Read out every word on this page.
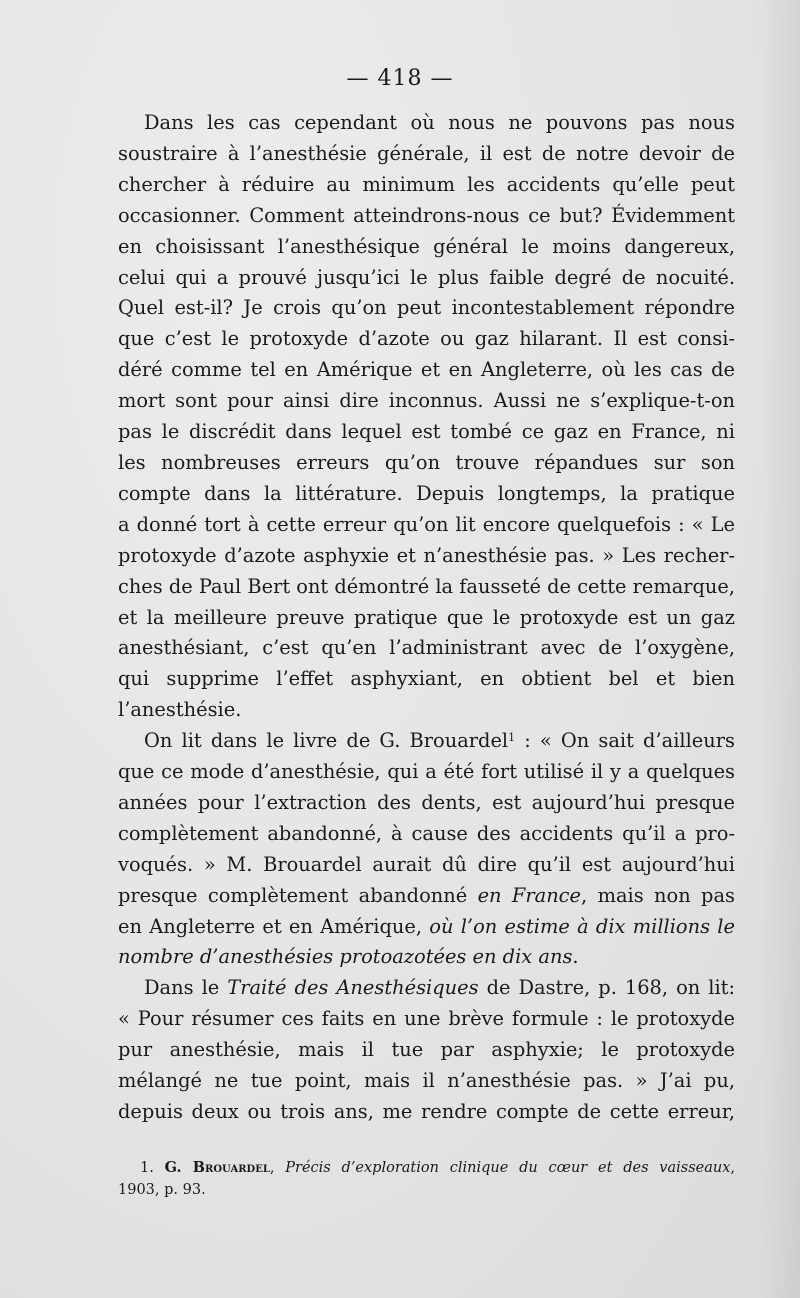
— 418 —

Dans les cas cependant où nous ne pouvons pas nous
soustraire à l’anesthésie générale, il est de notre devoir de
chercher à réduire au minimum les accidents qu’elle peut
occasionner. Comment atteindrons-nous ce but? Évidemment
en choisissant l’anesthésique général le moins dangereux,
celui qui a prouvé jusqu’ici le plus faible degré de nocuité.
Quel est-il? Je crois qu’on peut incontestablement répondre
que c’est le protoxyde d’azote ou gaz hilarant. Il est consi-
déré comme tel en Amérique et en Angleterre, où les cas de
mort sont pour ainsi dire inconnus. Aussi ne s’explique-t-on
pas le discrédit dans lequel est tombé ce gaz en France, ni
les nombreuses erreurs qu’on trouve répandues sur son
compte dans la littérature. Depuis longtemps, la pratique
a donné tort à cette erreur qu’on lit encore quelquefois : « Le
protoxyde d’azote asphyxie et n’anesthésie pas. » Les recher-
ches de Paul Bert ont démontré la fausseté de cette remarque,
et la meilleure preuve pratique que le protoxyde est un gaz
anesthésiant, c’est qu’en l’administrant avec de l’oxygène,
qui supprime l’effet asphyxiant, en obtient bel et bien
l’anesthésie.

On lit dans le livre de G. Brouardel$^1$ : « On sait d’ailleurs
que ce mode d’anesthésie, qui a été fort utilisé il y a quelques
années pour l’extraction des dents, est aujourd’hui presque
complètement abandonné, à cause des accidents qu’il a pro-
voqués. » M. Brouardel aurait dû dire qu’il est aujourd’hui
presque complètement abandonné en France, mais non pas
en Angleterre et en Amérique, où l’on estime à dix millions le
nombre d’anesthésies protoazotées en dix ans.

Dans le Traité des Anesthésiques de Dastre, p. 168, on lit:
« Pour résumer ces faits en une brève formule : le protoxyde
pur anesthésie, mais il tue par asphyxie; le protoxyde
mélangé ne tue point, mais il n’anesthésie pas. » J’ai pu,
depuis deux ou trois ans, me rendre compte de cette erreur,

1. G. Brouardel, Précis d’exploration clinique du cœur et des vaisseaux,
1903, p. 93.
